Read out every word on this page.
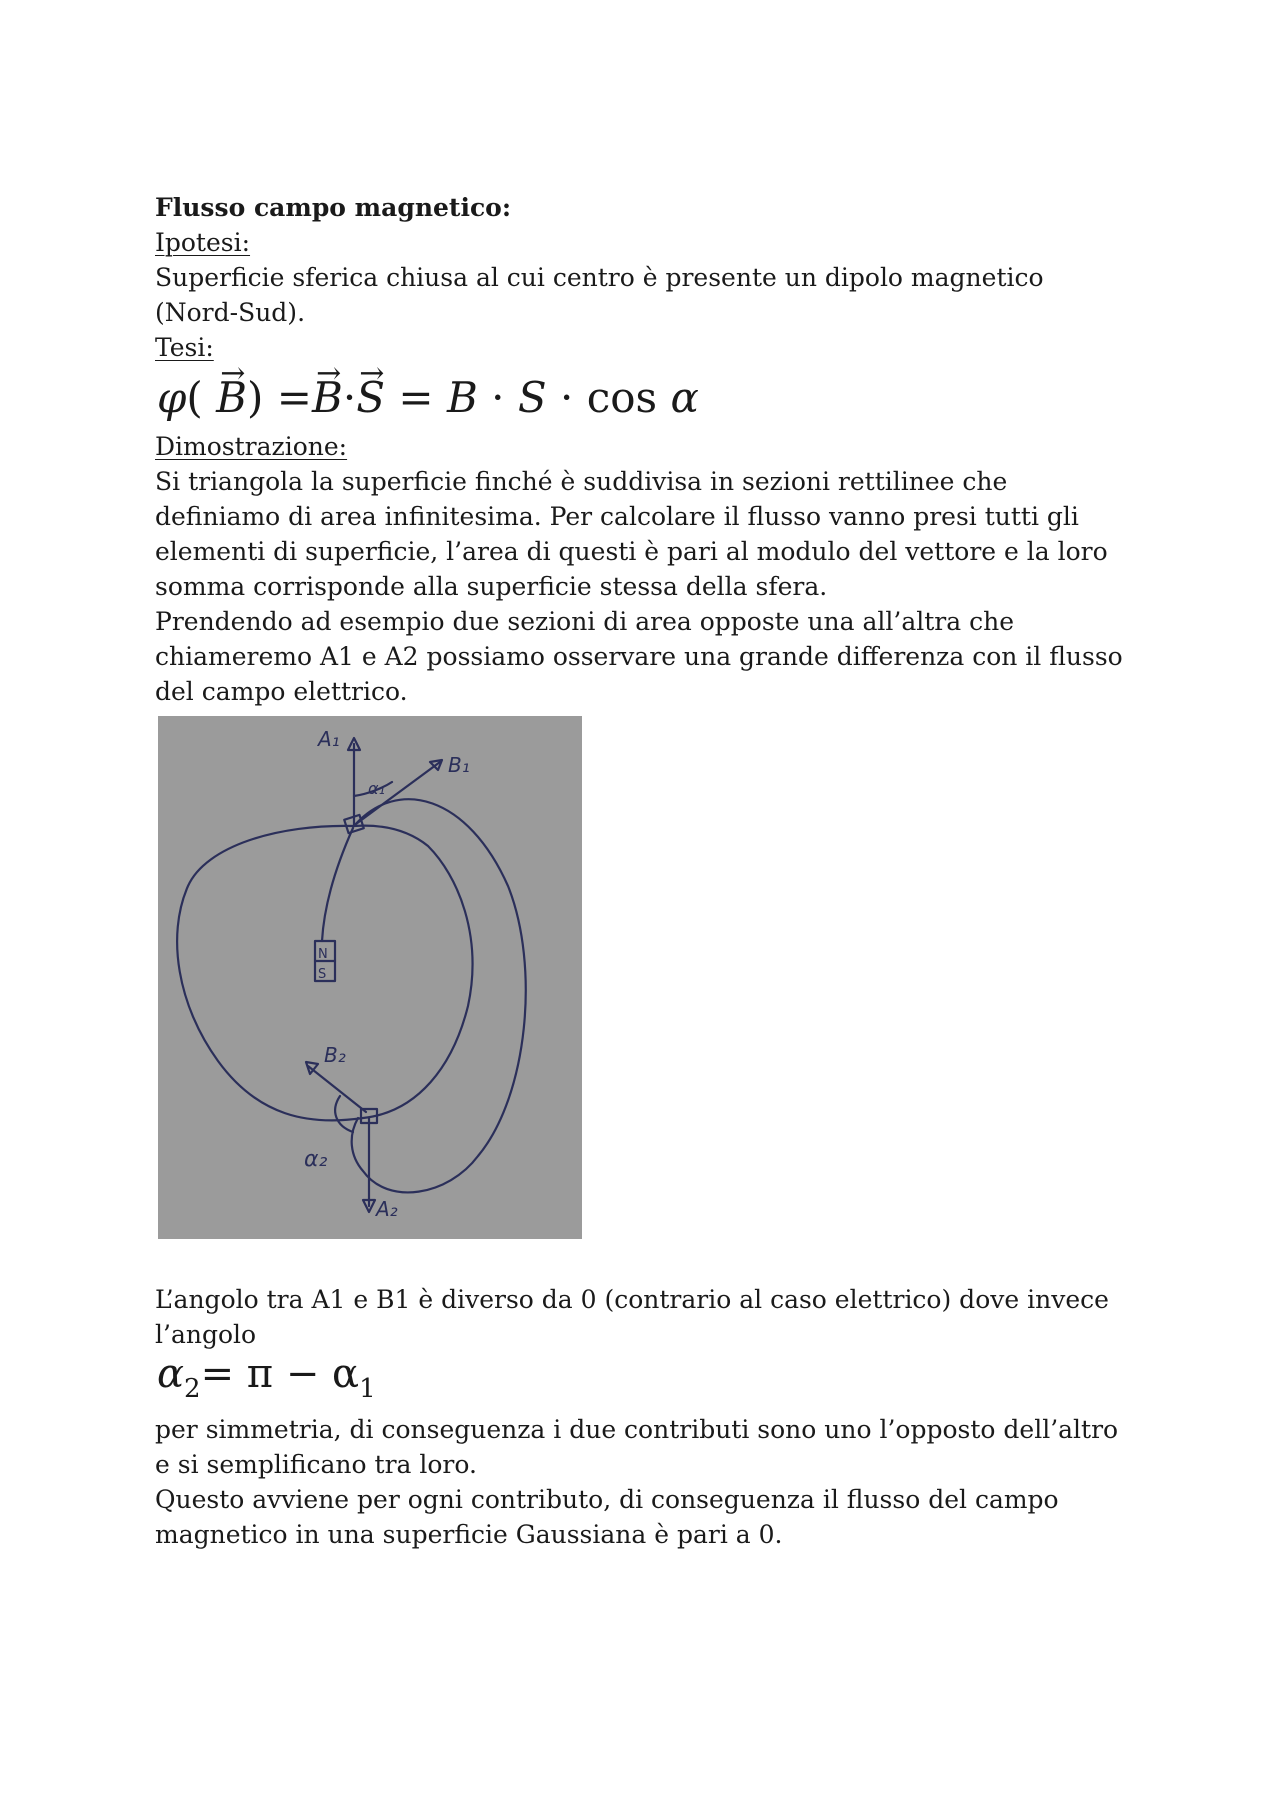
Flusso campo magnetico:

Ipotesi:

Superficie sferica chiusa al cui centro è presente un dipolo magnetico

(Nord-Sud).

Tesi:

φ( → B) =→ B·→ S = B · S · cos α

Dimostrazione:

Si triangola la superficie finché è suddivisa in sezioni rettilinee che

definiamo di area infinitesima. Per calcolare il flusso vanno presi tutti gli

elementi di superficie, l’area di questi è pari al modulo del vettore e la loro

somma corrisponde alla superficie stessa della sfera.

Prendendo ad esempio due sezioni di area opposte una all’altra che

chiameremo A1 e A2 possiamo osservare una grande differenza con il flusso

del campo elettrico.

A₁
B₁
α₁
N
S
B₂
α₂
A₂

L’angolo tra A1 e B1 è diverso da 0 (contrario al caso elettrico) dove invece

l’angolo

$\alpha_2= \pi - \alpha_1$

per simmetria, di conseguenza i due contributi sono uno l’opposto dell’altro

e si semplificano tra loro.

Questo avviene per ogni contributo, di conseguenza il flusso del campo

magnetico in una superficie Gaussiana è pari a 0.
